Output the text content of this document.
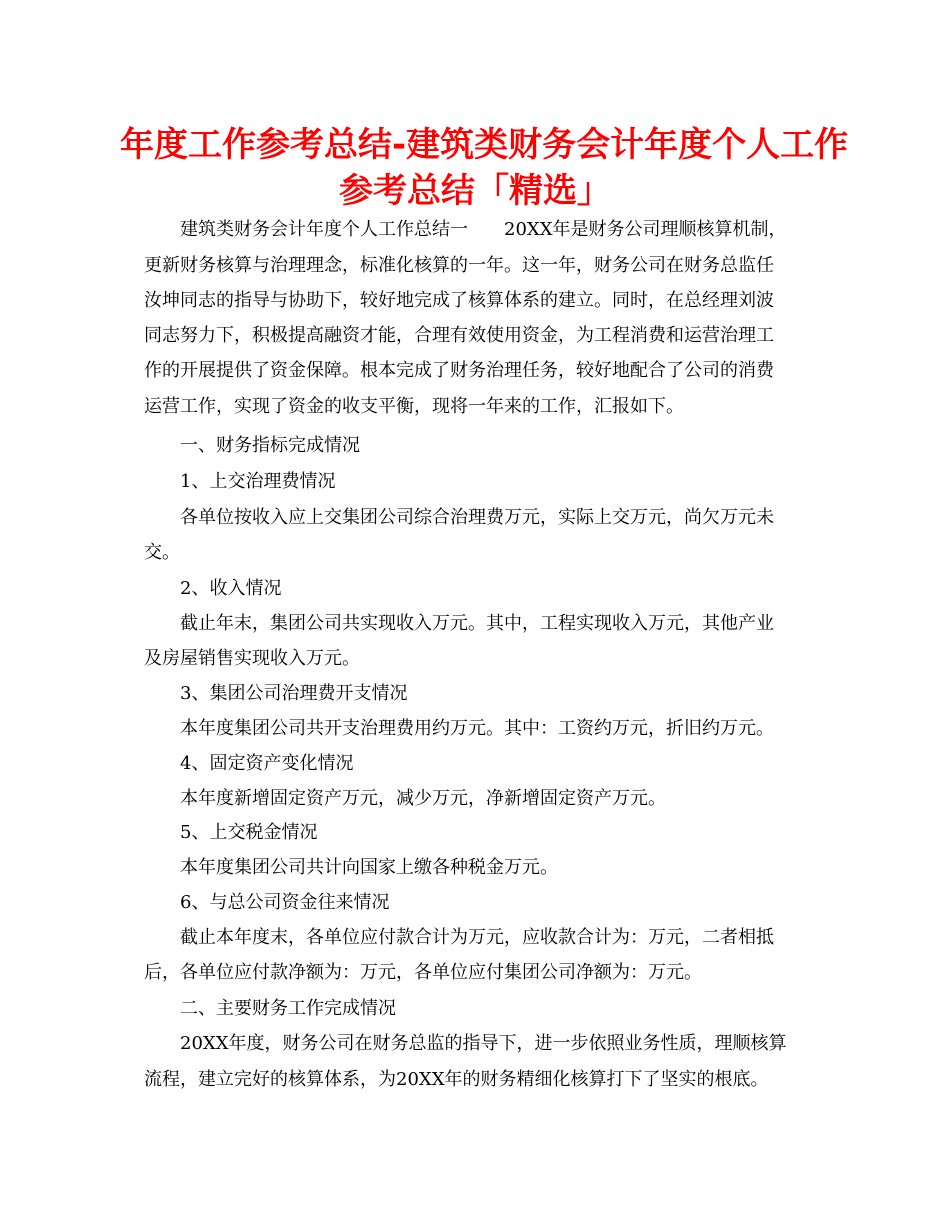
年度工作参考总结-建筑类财务会计年度个人工作
参考总结「精选」
建筑类财务会计年度个人工作总结一　　20XX年是财务公司理顺核算机制，
更新财务核算与治理理念，标准化核算的一年。这一年，财务公司在财务总监任
汝坤同志的指导与协助下，较好地完成了核算体系的建立。同时，在总经理刘波
同志努力下，积极提高融资才能，合理有效使用资金，为工程消费和运营治理工
作的开展提供了资金保障。根本完成了财务治理任务，较好地配合了公司的消费
运营工作，实现了资金的收支平衡，现将一年来的工作，汇报如下。
一、财务指标完成情况
1、上交治理费情况
各单位按收入应上交集团公司综合治理费万元，实际上交万元，尚欠万元未
交。
2、收入情况
截止年末，集团公司共实现收入万元。其中，工程实现收入万元，其他产业
及房屋销售实现收入万元。
3、集团公司治理费开支情况
本年度集团公司共开支治理费用约万元。其中：工资约万元，折旧约万元。
4、固定资产变化情况
本年度新增固定资产万元，减少万元，净新增固定资产万元。
5、上交税金情况
本年度集团公司共计向国家上缴各种税金万元。
6、与总公司资金往来情况
截止本年度末，各单位应付款合计为万元，应收款合计为：万元，二者相抵
后，各单位应付款净额为：万元，各单位应付集团公司净额为：万元。
二、主要财务工作完成情况
20XX年度，财务公司在财务总监的指导下，进一步依照业务性质，理顺核算
流程，建立完好的核算体系，为20XX年的财务精细化核算打下了坚实的根底。
